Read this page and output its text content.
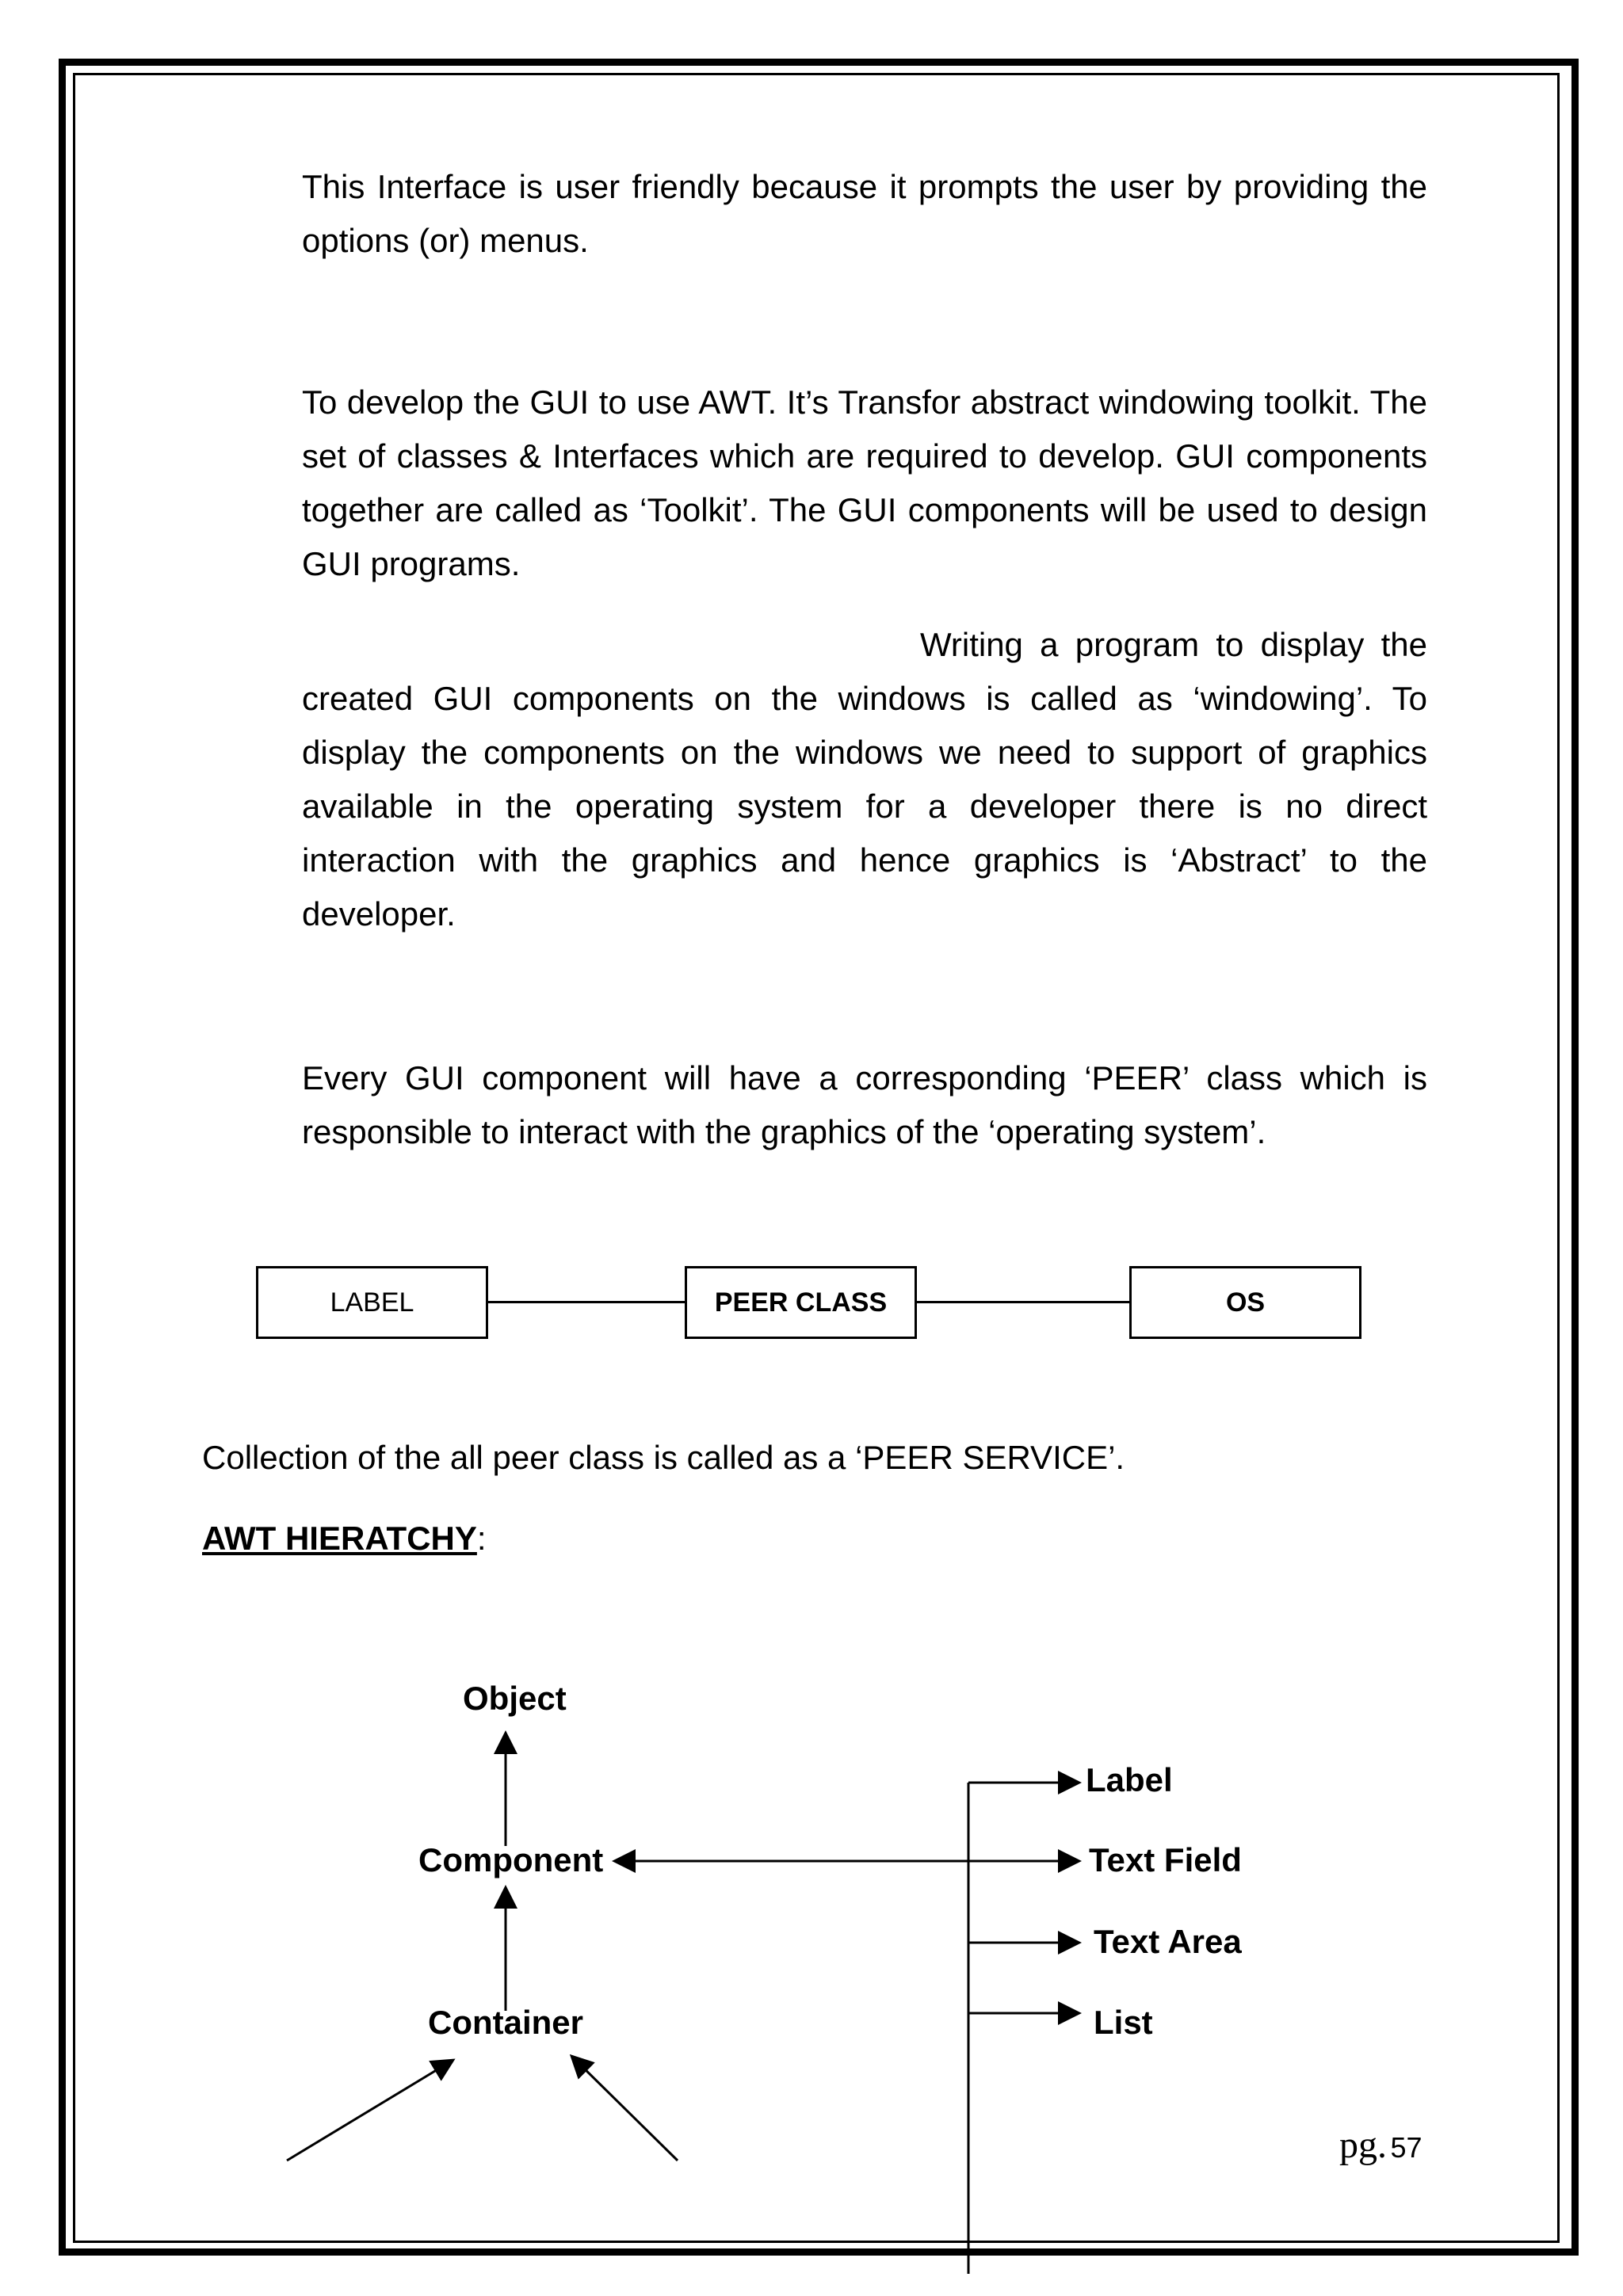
This Interface is user friendly because it prompts the user by providing the options (or) menus.

To develop the GUI to use AWT. It’s Transfor abstract windowing toolkit. The set of classes & Interfaces which are required to develop. GUI components together are called as ‘Toolkit’. The GUI components will be used to design GUI programs.

Writing a program to display the created GUI components on the windows is called as ‘windowing’. To display the components on the windows we need to support of graphics available in the operating system for a developer there is no direct interaction with the graphics and hence graphics is ‘Abstract’ to the developer.

Every GUI component will have a corresponding ‘PEER’ class which is responsible to interact with the graphics of the ‘operating system’.

LABEL	PEER CLASS	OS

Collection of the all peer class is called as a ‘PEER SERVICE’.

AWT HIERATCHY:

Object
Component
Container
Label
Text Field
Text Area
List
pg. 57
